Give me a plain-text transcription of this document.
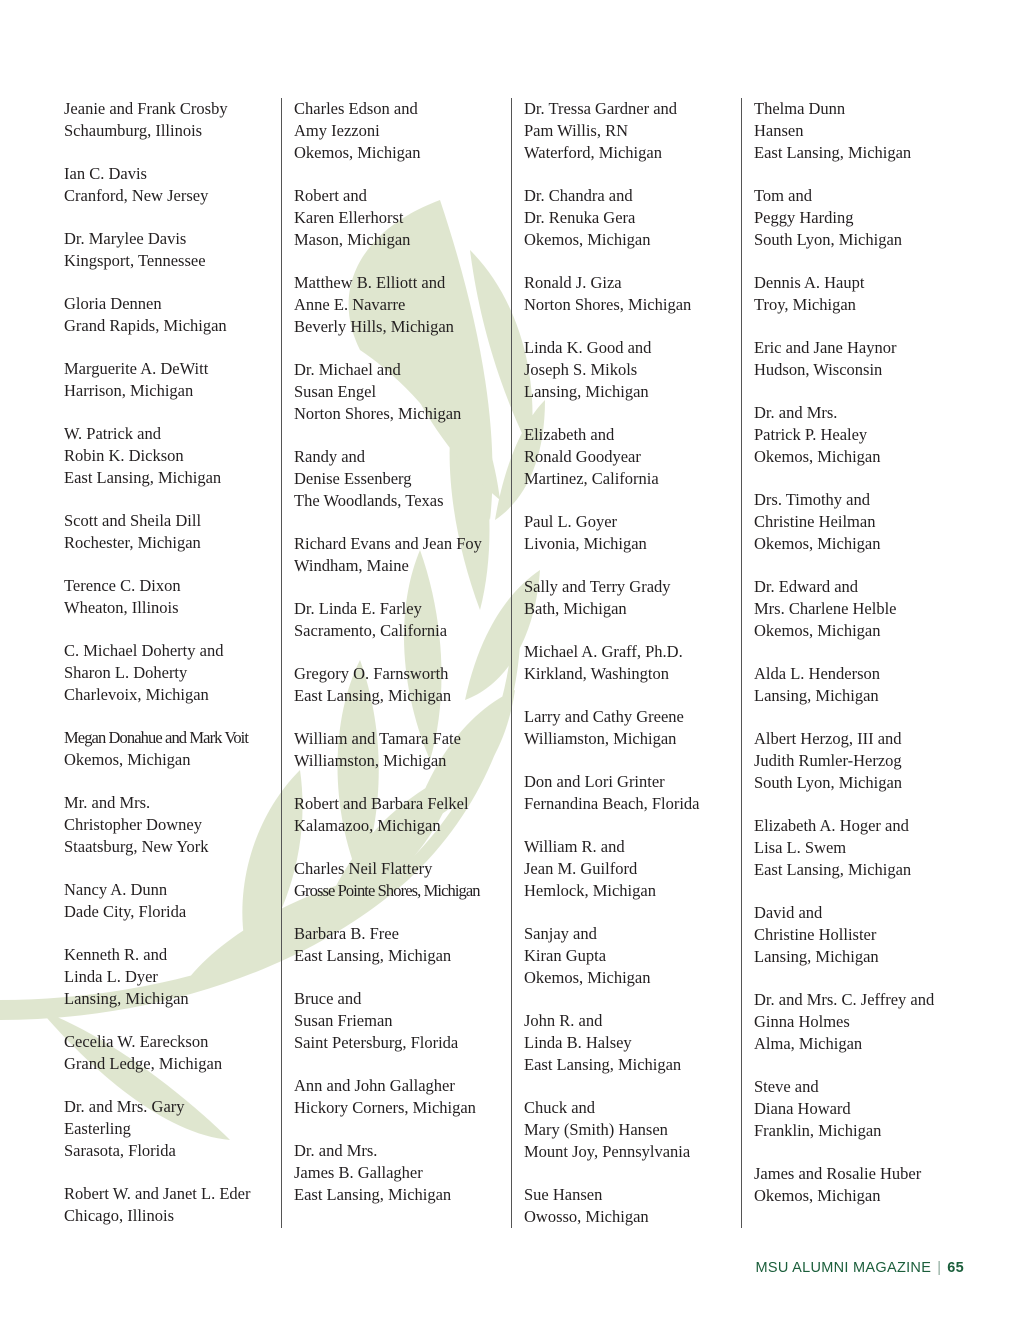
Jeanie and Frank Crosby
Schaumburg, Illinois
Ian C. Davis
Cranford, New Jersey
Dr. Marylee Davis
Kingsport, Tennessee
Gloria Dennen
Grand Rapids, Michigan
Marguerite A. DeWitt
Harrison, Michigan
W. Patrick and
Robin K. Dickson
East Lansing, Michigan
Scott and Sheila Dill
Rochester, Michigan
Terence C. Dixon
Wheaton, Illinois
C. Michael Doherty and
Sharon L. Doherty
Charlevoix, Michigan
Megan Donahue and Mark Voit
Okemos, Michigan
Mr. and Mrs.
Christopher Downey
Staatsburg, New York
Nancy A. Dunn
Dade City, Florida
Kenneth R. and
Linda L. Dyer
Lansing, Michigan
Cecelia W. Eareckson
Grand Ledge, Michigan
Dr. and Mrs. Gary
Easterling
Sarasota, Florida
Robert W. and Janet L. Eder
Chicago, Illinois
Charles Edson and
Amy Iezzoni
Okemos, Michigan
Robert and
Karen Ellerhorst
Mason, Michigan
Matthew B. Elliott and
Anne E. Navarre
Beverly Hills, Michigan
Dr. Michael and
Susan Engel
Norton Shores, Michigan
Randy and
Denise Essenberg
The Woodlands, Texas
Richard Evans and Jean Foy
Windham, Maine
Dr. Linda E. Farley
Sacramento, California
Gregory O. Farnsworth
East Lansing, Michigan
William and Tamara Fate
Williamston, Michigan
Robert and Barbara Felkel
Kalamazoo, Michigan
Charles Neil Flattery
Grosse Pointe Shores, Michigan
Barbara B. Free
East Lansing, Michigan
Bruce and
Susan Frieman
Saint Petersburg, Florida
Ann and John Gallagher
Hickory Corners, Michigan
Dr. and Mrs.
James B. Gallagher
East Lansing, Michigan
Dr. Tressa Gardner and
Pam Willis, RN
Waterford, Michigan
Dr. Chandra and
Dr. Renuka Gera
Okemos, Michigan
Ronald J. Giza
Norton Shores, Michigan
Linda K. Good and
Joseph S. Mikols
Lansing, Michigan
Elizabeth and
Ronald Goodyear
Martinez, California
Paul L. Goyer
Livonia, Michigan
Sally and Terry Grady
Bath, Michigan
Michael A. Graff, Ph.D.
Kirkland, Washington
Larry and Cathy Greene
Williamston, Michigan
Don and Lori Grinter
Fernandina Beach, Florida
William R. and
Jean M. Guilford
Hemlock, Michigan
Sanjay and
Kiran Gupta
Okemos, Michigan
John R. and
Linda B. Halsey
East Lansing, Michigan
Chuck and
Mary (Smith) Hansen
Mount Joy, Pennsylvania
Sue Hansen
Owosso, Michigan
Thelma Dunn
Hansen
East Lansing, Michigan
Tom and
Peggy Harding
South Lyon, Michigan
Dennis A. Haupt
Troy, Michigan
Eric and Jane Haynor
Hudson, Wisconsin
Dr. and Mrs.
Patrick P. Healey
Okemos, Michigan
Drs. Timothy and
Christine Heilman
Okemos, Michigan
Dr. Edward and
Mrs. Charlene Helble
Okemos, Michigan
Alda L. Henderson
Lansing, Michigan
Albert Herzog, III and
Judith Rumler-Herzog
South Lyon, Michigan
Elizabeth A. Hoger and
Lisa L. Swem
East Lansing, Michigan
David and
Christine Hollister
Lansing, Michigan
Dr. and Mrs. C. Jeffrey and
Ginna Holmes
Alma, Michigan
Steve and
Diana Howard
Franklin, Michigan
James and Rosalie Huber
Okemos, Michigan
MSU ALUMNI MAGAZINE | 65
